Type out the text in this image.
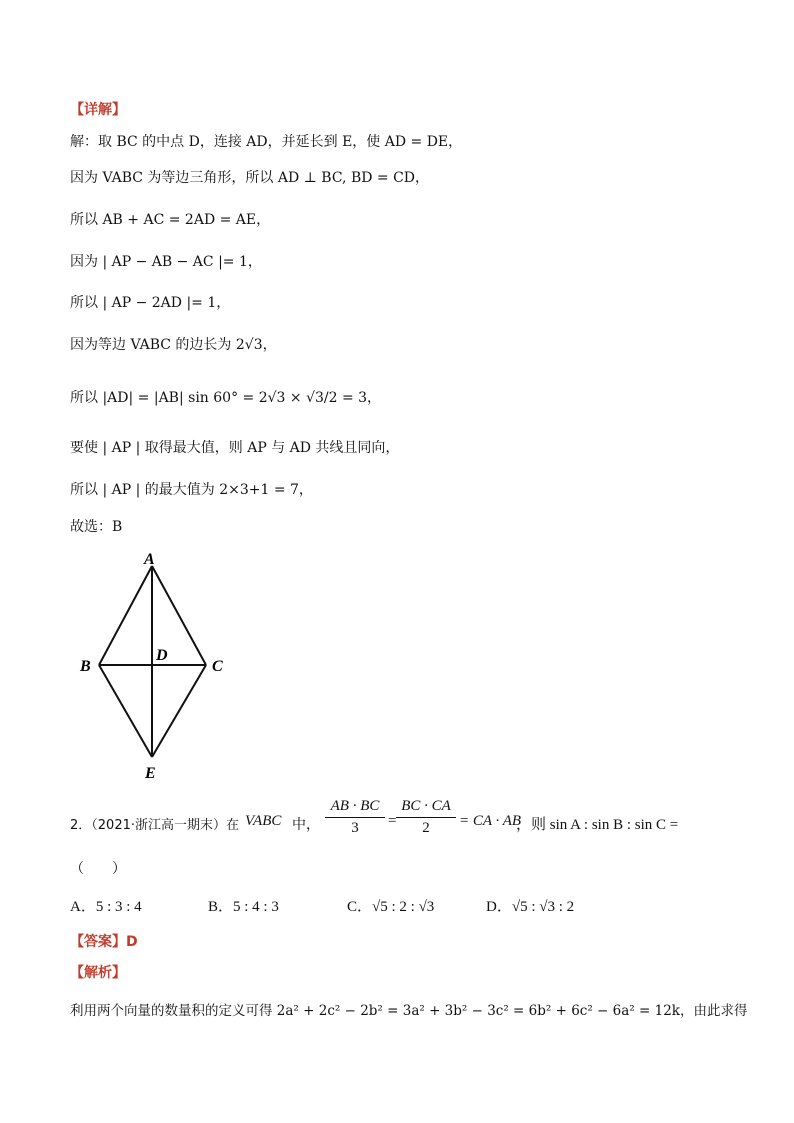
【详解】
解：取 BC 的中点 D，连接 AD，并延长到 E，使 AD = DE，
因为 VABC 为等边三角形，所以 AD ⊥ BC, BD = CD，
所以 AB + AC = 2AD = AE，
因为 | AP − AB − AC |= 1，
所以 | AP − 2AD |= 1，
因为等边 VABC 的边长为 2√3，
所以 |AD| = |AB| sin 60° = 2√3 × √3/2 = 3，
要使 | AP | 取得最大值，则 AP 与 AD 共线且同向，
所以 | AP | 的最大值为 2×3+1 = 7，
故选：B
A
B	C
D
E
2．（2021·浙江高一期末）在 VABC 中， $\frac{AB \cdot BC}{3} = \frac{BC \cdot CA}{2}$ = CA · AB
，则 sin A : sin B : sin C =
（　　）
A．5 : 3 : 4	B．5 : 4 : 3	C．√5 : 2 : √3	D．√5 : √3 : 2
【答案】D
【解析】
利用两个向量的数量积的定义可得 2a² + 2c² − 2b² = 3a² + 3b² − 3c² = 6b² + 6c² − 6a² = 12k，由此求得
